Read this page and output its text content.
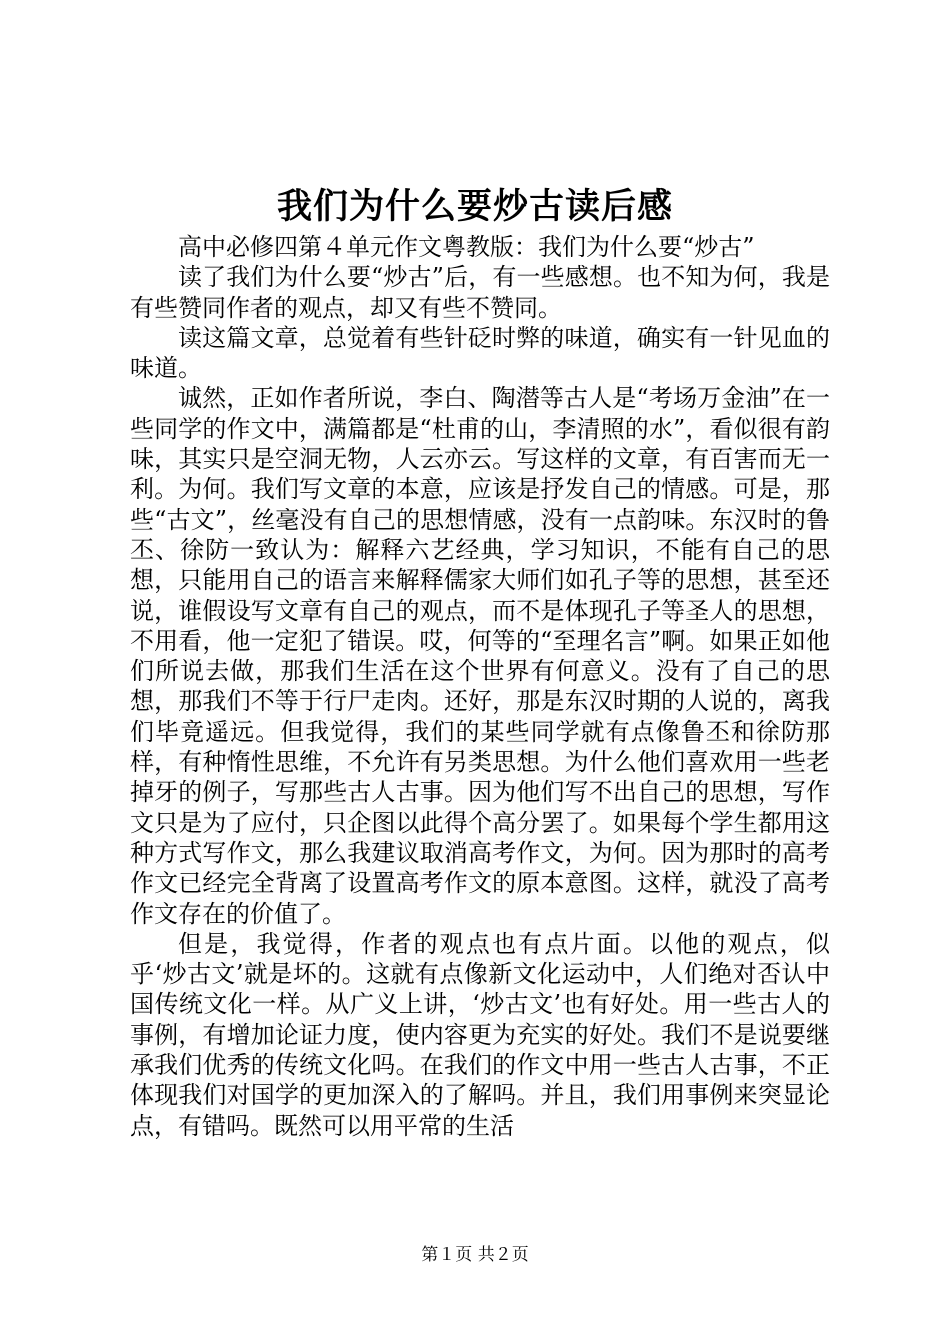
我们为什么要炒古读后感

高中必修四第４单元作文粤教版：我们为什么要“炒古”

读了我们为什么要“炒古”后，有一些感想。也不知为何，我是有些赞同作者的观点，却又有些不赞同。

读这篇文章，总觉着有些针砭时弊的味道，确实有一针见血的味道。

诚然，正如作者所说，李白、陶潜等古人是“考场万金油”在一些同学的作文中，满篇都是“杜甫的山，李清照的水”，看似很有韵味，其实只是空洞无物，人云亦云。写这样的文章，有百害而无一利。为何。我们写文章的本意，应该是抒发自己的情感。可是，那些“古文”，丝毫没有自己的思想情感，没有一点韵味。东汉时的鲁丕、徐防一致认为：解释六艺经典，学习知识，不能有自己的思想，只能用自己的语言来解释儒家大师们如孔子等的思想，甚至还说，谁假设写文章有自己的观点，而不是体现孔子等圣人的思想，不用看，他一定犯了错误。哎，何等的“至理名言”啊。如果正如他们所说去做，那我们生活在这个世界有何意义。没有了自己的思想，那我们不等于行尸走肉。还好，那是东汉时期的人说的，离我们毕竟遥远。但我觉得，我们的某些同学就有点像鲁丕和徐防那样，有种惰性思维，不允许有另类思想。为什么他们喜欢用一些老掉牙的例子，写那些古人古事。因为他们写不出自己的思想，写作文只是为了应付，只企图以此得个高分罢了。如果每个学生都用这种方式写作文，那么我建议取消高考作文，为何。因为那时的高考作文已经完全背离了设置高考作文的原本意图。这样，就没了高考作文存在的价值了。

但是，我觉得，作者的观点也有点片面。以他的观点，似乎‘炒古文’就是坏的。这就有点像新文化运动中，人们绝对否认中国传统文化一样。从广义上讲，‘炒古文’也有好处。用一些古人的事例，有增加论证力度，使内容更为充实的好处。我们不是说要继承我们优秀的传统文化吗。在我们的作文中用一些古人古事，不正体现我们对国学的更加深入的了解吗。并且，我们用事例来突显论点，有错吗。既然可以用平常的生活

第１页 共２页
